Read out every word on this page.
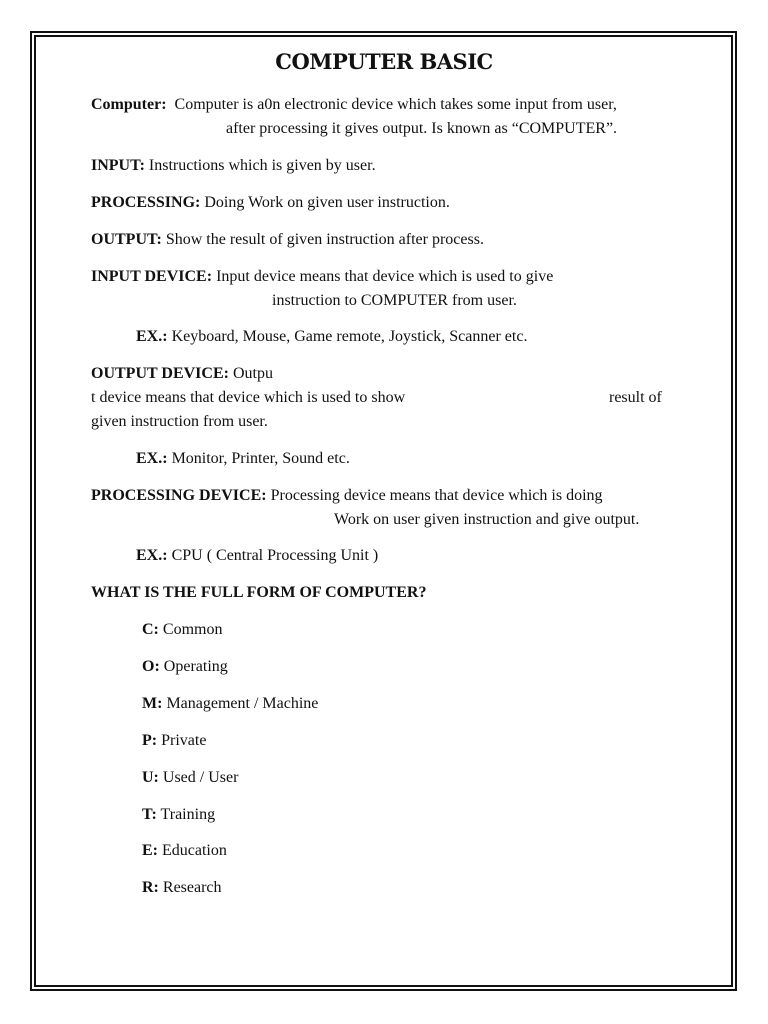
COMPUTER BASIC
Computer: Computer is a0n electronic device which takes some input from user,
after processing it gives output. Is known as “COMPUTER”.
INPUT: Instructions which is given by user.
PROCESSING: Doing Work on given user instruction.
OUTPUT: Show the result of given instruction after process.
INPUT DEVICE: Input device means that device which is used to give
instruction to COMPUTER from user.
EX.: Keyboard, Mouse, Game remote, Joystick, Scanner etc.
OUTPUT DEVICE: Outpu
t device means that device which is used to show	result of
given instruction from user.
EX.: Monitor, Printer, Sound etc.
PROCESSING DEVICE: Processing device means that device which is doing
Work on user given instruction and give output.
EX.: CPU ( Central Processing Unit )
WHAT IS THE FULL FORM OF COMPUTER?
C: Common
O: Operating
M: Management / Machine
P: Private
U: Used / User
T: Training
E: Education
R: Research
